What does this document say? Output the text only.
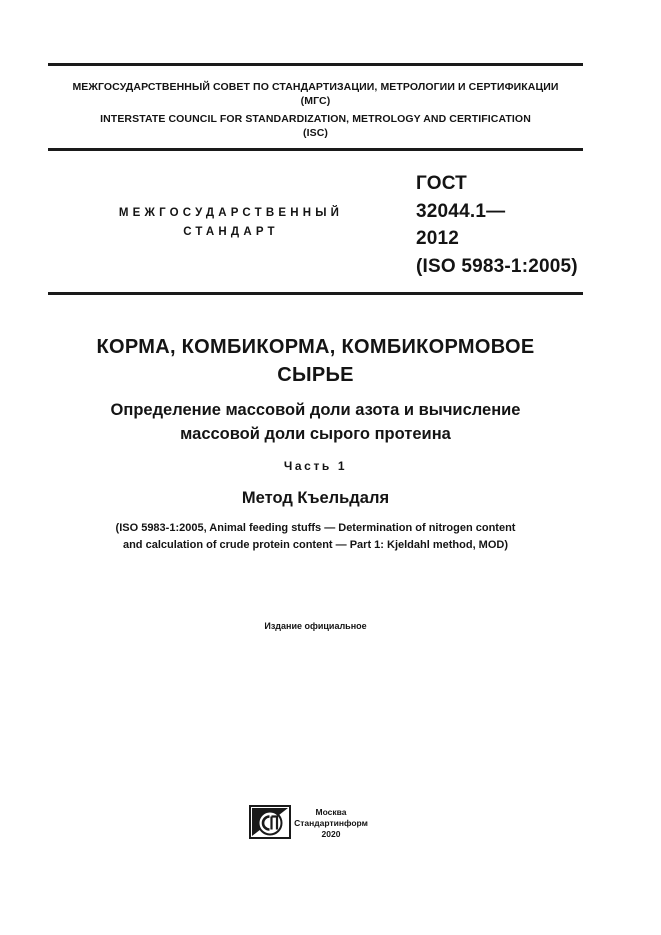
МЕЖГОСУДАРСТВЕННЫЙ СОВЕТ ПО СТАНДАРТИЗАЦИИ, МЕТРОЛОГИИ И СЕРТИФИКАЦИИ
(МГС)
INTERSTATE COUNCIL FOR STANDARDIZATION, METROLOGY AND CERTIFICATION
(ISC)
МЕЖГОСУДАРСТВЕННЫЙ
СТАНДАРТ
ГОСТ
32044.1—
2012
(ISO 5983-1:2005)
КОРМА, КОМБИКОРМА, КОМБИКОРМОВОЕ
СЫРЬЕ
Определение массовой доли азота и вычисление
массовой доли сырого протеина
Часть 1
Метод Къельдаля
(ISO 5983-1:2005, Animal feeding stuffs — Determination of nitrogen content
and calculation of crude protein content — Part 1: Kjeldahl method, MOD)
Издание официальное
Москва
Стандартинформ
2020
